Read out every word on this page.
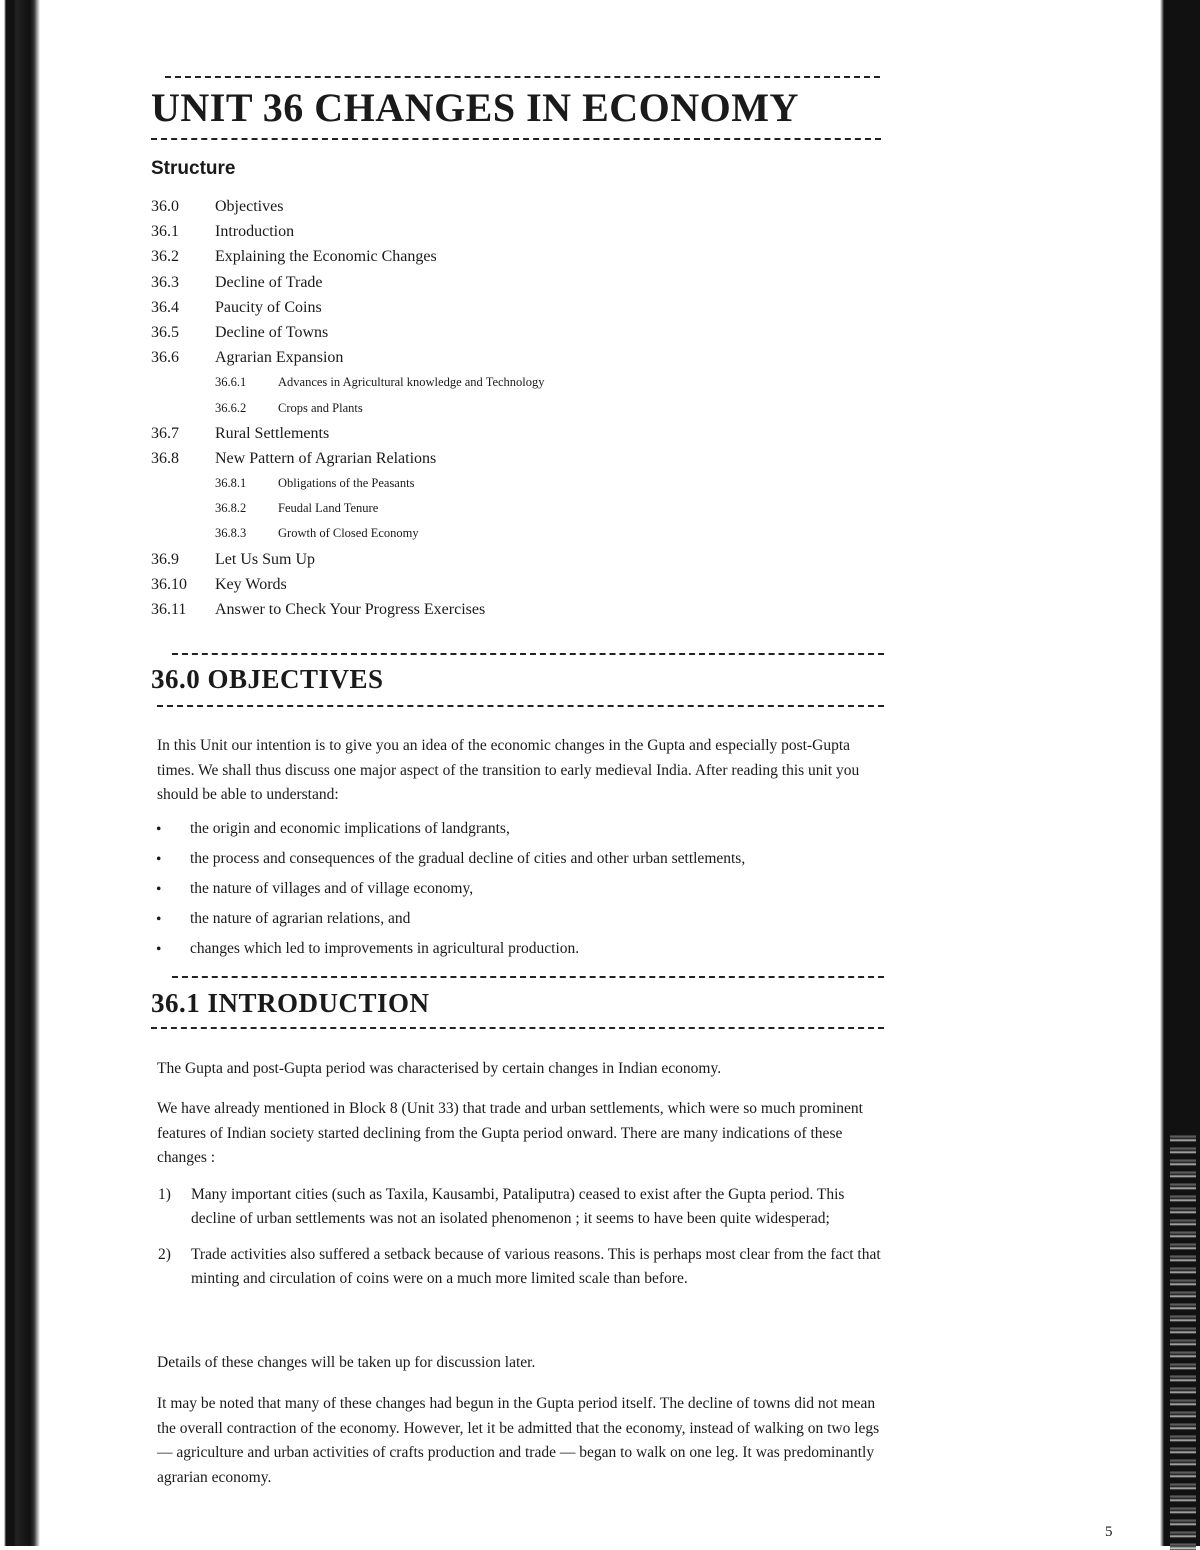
UNIT 36 CHANGES IN ECONOMY
Structure
36.0 Objectives
36.1 Introduction
36.2 Explaining the Economic Changes
36.3 Decline of Trade
36.4 Paucity of Coins
36.5 Decline of Towns
36.6 Agrarian Expansion
36.6.1	Advances in Agricultural knowledge and Technology
36.6.2	Crops and Plants
36.7 Rural Settlements
36.8 New Pattern of Agrarian Relations
36.8.1	Obligations of the Peasants
36.8.2	Feudal Land Tenure
36.8.3	Growth of Closed Economy
36.9 Let Us Sum Up
36.10 Key Words
36.11 Answer to Check Your Progress Exercises
36.0 OBJECTIVES

In this Unit our intention is to give you an idea of the economic changes in the Gupta and especially post-Gupta times. We shall thus discuss one major aspect of the transition to early medieval India. After reading this unit you should be able to understand:

• the origin and economic implications of landgrants,
• the process and consequences of the gradual decline of cities and other urban settlements,
• the nature of villages and of village economy,
• the nature of agrarian relations, and
• changes which led to improvements in agricultural production.
36.1 INTRODUCTION

The Gupta and post-Gupta period was characterised by certain changes in Indian economy.

We have already mentioned in Block 8 (Unit 33) that trade and urban settlements, which were so much prominent features of Indian society started declining from the Gupta period onward. There are many indications of these changes :

1) Many important cities (such as Taxila, Kausambi, Pataliputra) ceased to exist after the Gupta period. This decline of urban settlements was not an isolated phenomenon ; it seems to have been quite widesperad;
2) Trade activities also suffered a setback because of various reasons. This is perhaps most clear from the fact that minting and circulation of coins were on a much more limited scale than before.

Details of these changes will be taken up for discussion later.

It may be noted that many of these changes had begun in the Gupta period itself. The decline of towns did not mean the overall contraction of the economy. However, let it be admitted that the economy, instead of walking on two legs — agriculture and urban activities of crafts production and trade — began to walk on one leg. It was predominantly agrarian economy.

5
